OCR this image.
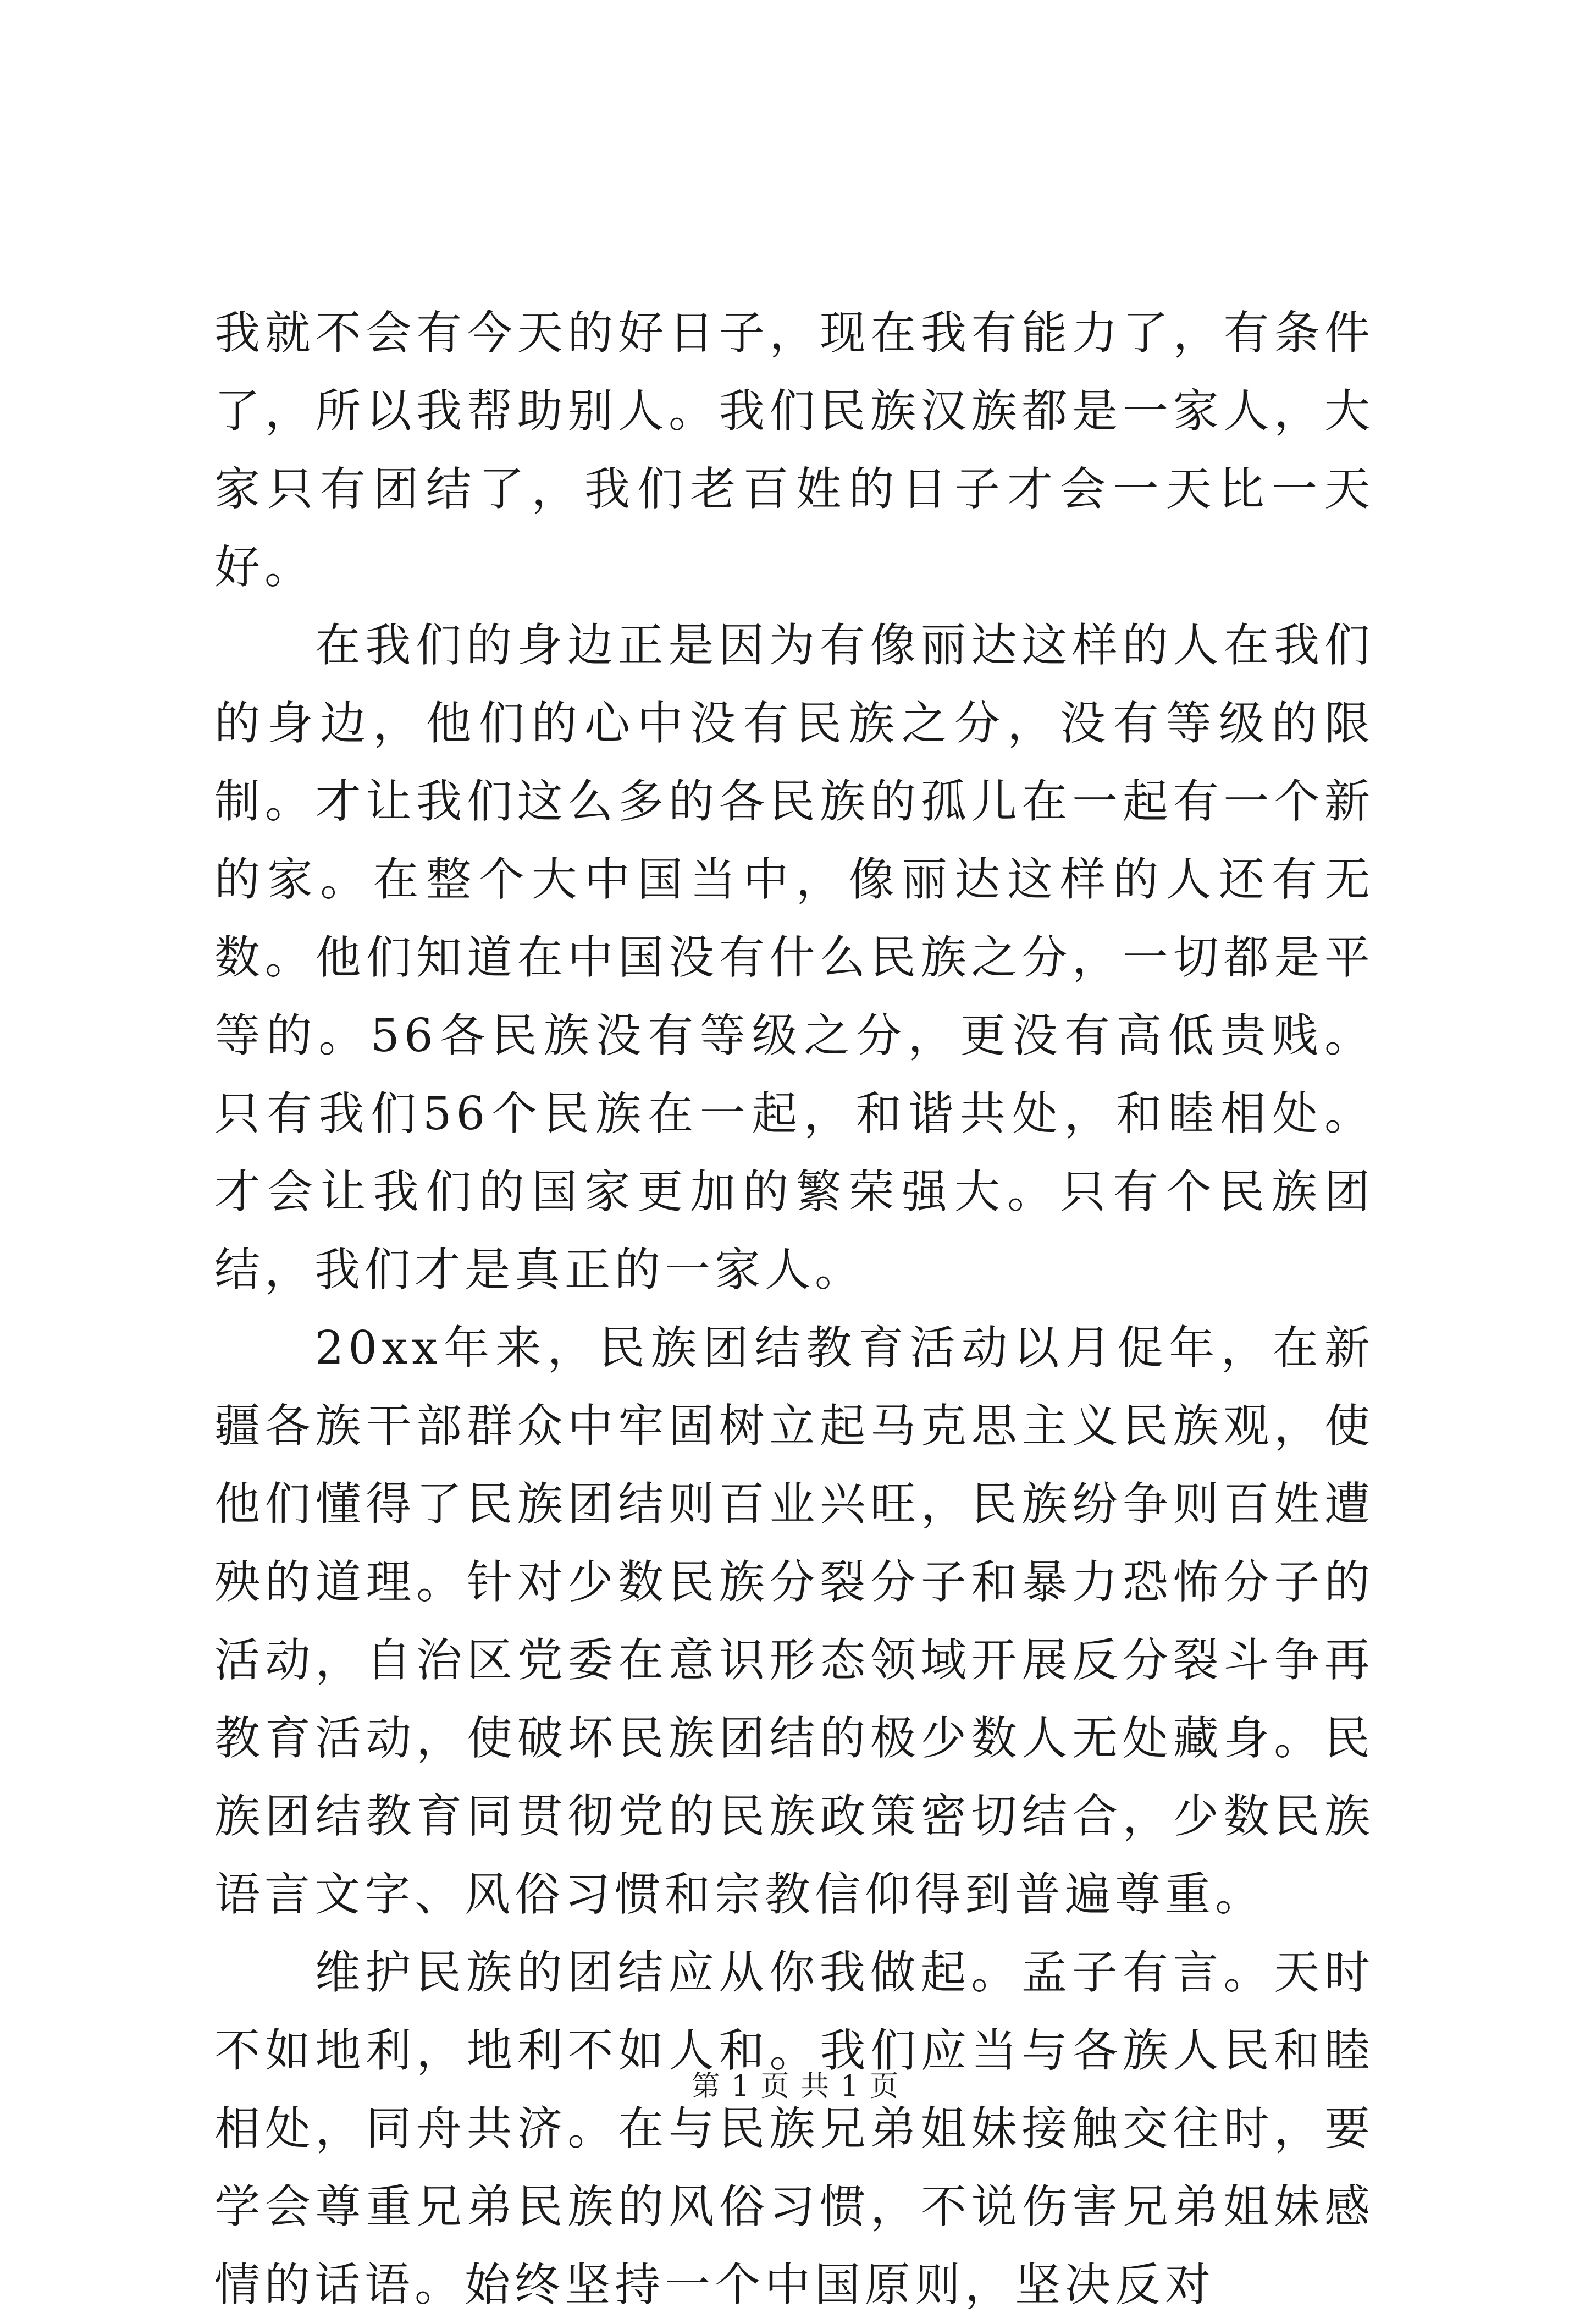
我就不会有今天的好日子，现在我有能力了，有条件了，所以我帮助别人。我们民族汉族都是一家人，大家只有团结了，我们老百姓的日子才会一天比一天好。

在我们的身边正是因为有像丽达这样的人在我们的身边，他们的心中没有民族之分，没有等级的限制。才让我们这么多的各民族的孤儿在一起有一个新的家。在整个大中国当中，像丽达这样的人还有无数。他们知道在中国没有什么民族之分，一切都是平等的。56各民族没有等级之分，更没有高低贵贱。只有我们56个民族在一起，和谐共处，和睦相处。才会让我们的国家更加的繁荣强大。只有个民族团结，我们才是真正的一家人。

20xx年来，民族团结教育活动以月促年，在新疆各族干部群众中牢固树立起马克思主义民族观，使他们懂得了民族团结则百业兴旺，民族纷争则百姓遭殃的道理。针对少数民族分裂分子和暴力恐怖分子的活动，自治区党委在意识形态领域开展反分裂斗争再教育活动，使破坏民族团结的极少数人无处藏身。民族团结教育同贯彻党的民族政策密切结合，少数民族语言文字、风俗习惯和宗教信仰得到普遍尊重。

维护民族的团结应从你我做起。孟子有言。天时不如地利，地利不如人和。我们应当与各族人民和睦相处，同舟共济。在与民族兄弟姐妹接触交往时，要学会尊重兄弟民族的风俗习惯，不说伤害兄弟姐妹感情的话语。始终坚持一个中国原则，坚决反对

第 1 页 共 1 页
